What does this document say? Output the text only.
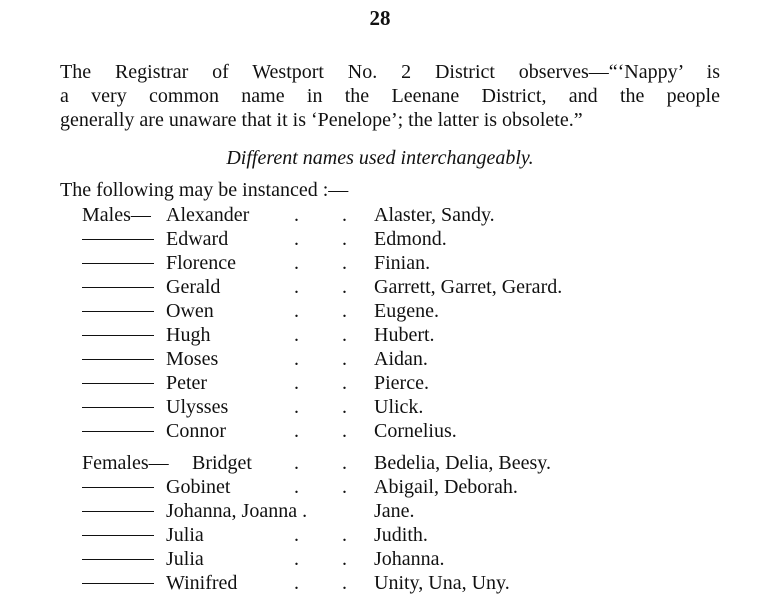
28
The Registrar of Westport No. 2 District observes—“‘Nappy’ is
a very common name in the Leenane District, and the people
generally are unaware that it is ‘Penelope’; the latter is obsolete.”
Different names used interchangeably.
The following may be instanced :—
Males— Alexander . . Alaster, Sandy.
Edward	. . Edmond.
Florence	. . Finian.
Gerald	. . Garrett, Garret, Gerard.
Owen	. . Eugene.
Hugh	. . Hubert.
Moses	. . Aidan.
Peter	. . Pierce.
Ulysses	. . Ulick.
Connor	. . Cornelius.
Females— Bridget . . Bedelia, Delia, Beesy.
Gobinet	. . Abigail, Deborah.
Johanna, Joanna .	Jane.
Julia	. . Judith.
Julia	. . Johanna.
Winifred	. . Unity, Una, Uny.
